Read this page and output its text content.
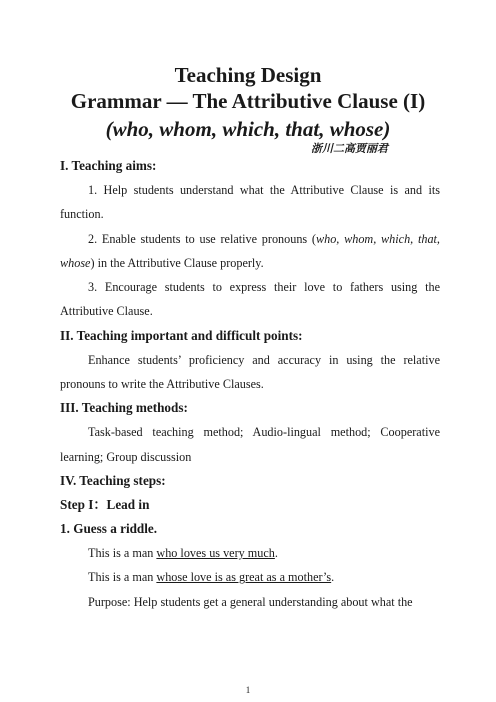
Teaching Design
Grammar — The Attributive Clause (I)
(who, whom, which, that, whose)
浙川二高贾丽君

I. Teaching aims:

1. Help students understand what the Attributive Clause is and its function.

2. Enable students to use relative pronouns (who, whom, which, that, whose) in the Attributive Clause properly.

3. Encourage students to express their love to fathers using the Attributive Clause.

II. Teaching important and difficult points:

Enhance students’ proficiency and accuracy in using the relative pronouns to write the Attributive Clauses.

III. Teaching methods:

Task-based teaching method; Audio-lingual method; Cooperative learning; Group discussion

IV. Teaching steps:

Step I：Lead in

1. Guess a riddle.

This is a man who loves us very much.

This is a man whose love is as great as a mother’s.

Purpose: Help students get a general understanding about what the

1
